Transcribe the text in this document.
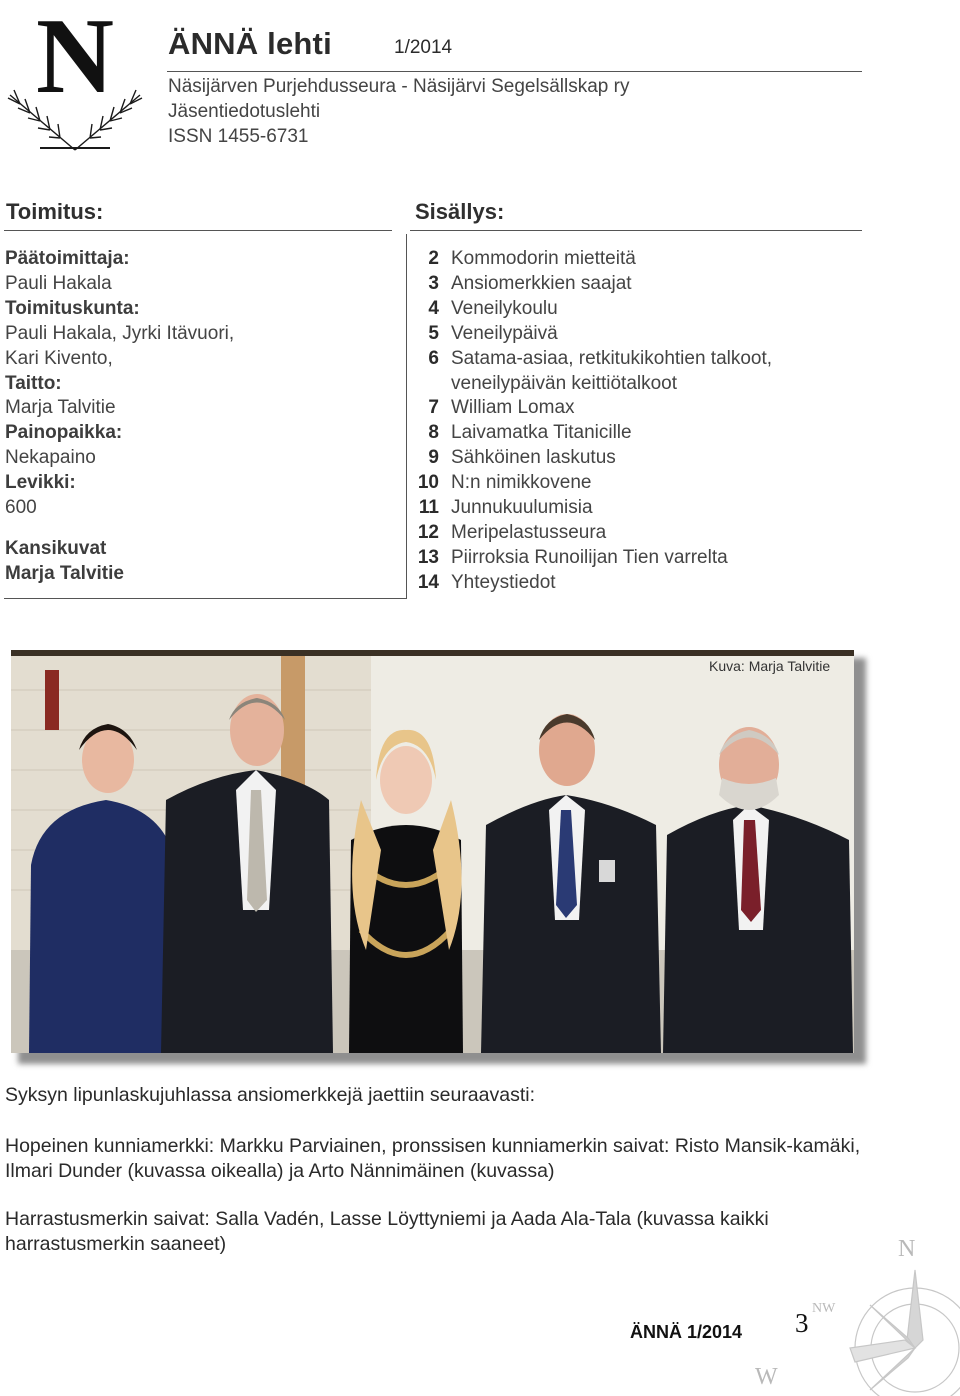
N ÄNNÄ lehti	1/2014
Näsijärven Purjehdusseura - Näsijärvi Segelsällskap ry
Jäsentiedotuslehti
ISSN 1455-6731
Toimitus:
Päätoimittaja:
Pauli Hakala
Toimituskunta:
Pauli Hakala, Jyrki Itävuori,
Kari Kivento,
Taitto:
Marja Talvitie
Painopaikka:
Nekapaino
Levikki:
600
Kansikuvat
Marja Talvitie
Sisällys:
2 Kommodorin mietteitä
3 Ansiomerkkien saajat
4 Veneilykoulu
5 Veneilypäivä
6 Satama-asiaa, retkitukikohtien talkoot,
veneilypäivän keittiötalkoot
7 William Lomax
8 Laivamatka Titanicille
9 Sähköinen laskutus
10 N:n nimikkovene
11 Junnukuulumisia
12 Meripelastusseura
13 Piirroksia Runoilijan Tien varrelta
14 Yhteystiedot
Kuva: Marja Talvitie
Syksyn lipunlaskujuhlassa ansiomerkkejä jaettiin seuraavasti:
Hopeinen kunniamerkki: Markku Parviainen, pronssisen kunniamerkin saivat: Risto Mansik-kamäki, Ilmari Dunder (kuvassa oikealla) ja Arto Nännimäinen (kuvassa)
Harrastusmerkin saivat: Salla Vadén, Lasse Löyttyniemi ja Aada Ala-Tala (kuvassa kaikki harrastusmerkin saaneet)	N
NW
W
ÄNNÄ 1/2014 3
